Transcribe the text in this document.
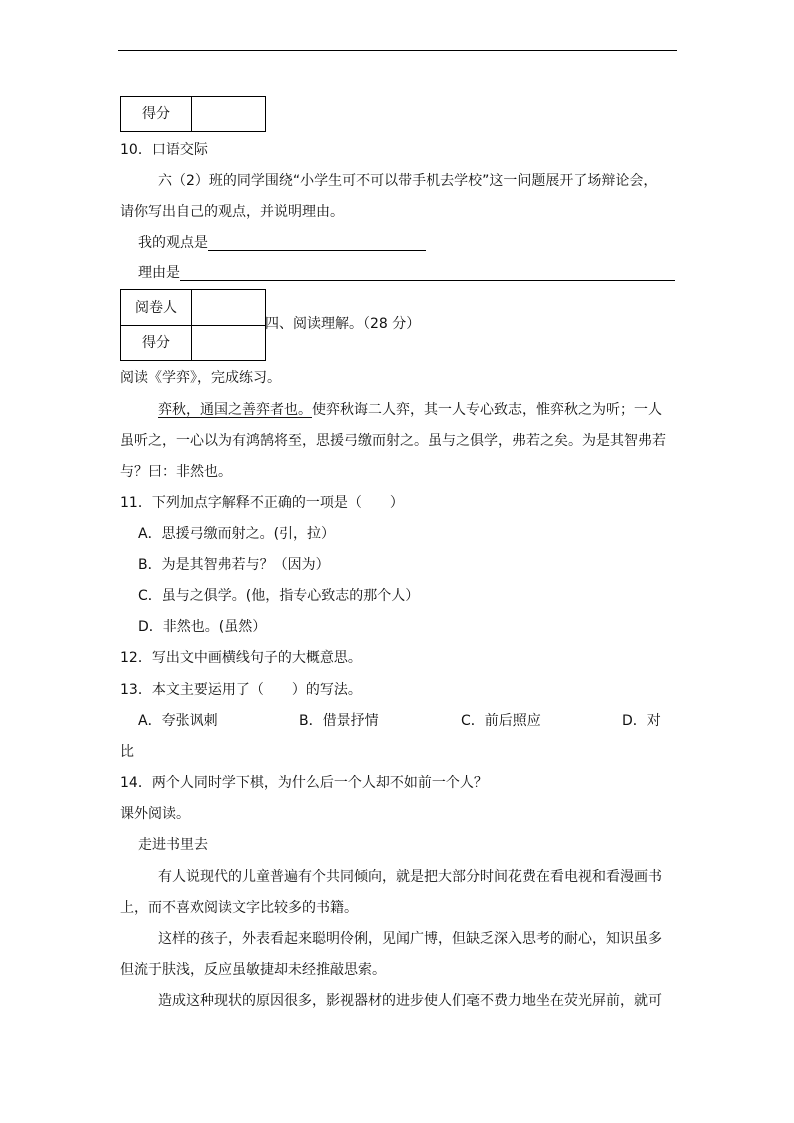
得分
10．口语交际
六（2）班的同学围绕“小学生可不可以带手机去学校”这一问题展开了场辩论会，
请你写出自己的观点，并说明理由。
我的观点是
理由是
阅卷人
得分
四、阅读理解。（28 分）
阅读《学弈》，完成练习。
弈秋，通国之善弈者也。使弈秋诲二人弈，其一人专心致志，惟弈秋之为听；一人
虽听之，一心以为有鸿鹄将至，思援弓缴而射之。虽与之俱学，弗若之矣。为是其智弗若
与？曰：非然也。
11．下列加点字解释不正确的一项是（　　）
A．思援弓缴而射之。(引，拉）
B．为是其智弗若与？（因为）
C．虽与之俱学。(他，指专心致志的那个人）
D．非然也。(虽然）
12．写出文中画横线句子的大概意思。
13．本文主要运用了（　　）的写法。
A．夸张讽刺	B．借景抒情	C．前后照应	D．对
比
14．两个人同时学下棋，为什么后一个人却不如前一个人？
课外阅读。
走进书里去
有人说现代的儿童普遍有个共同倾向，就是把大部分时间花费在看电视和看漫画书
上，而不喜欢阅读文字比较多的书籍。
这样的孩子，外表看起来聪明伶俐，见闻广博，但缺乏深入思考的耐心，知识虽多
但流于肤浅，反应虽敏捷却未经推敲思索。
造成这种现状的原因很多，影视器材的进步使人们毫不费力地坐在荧光屏前，就可
